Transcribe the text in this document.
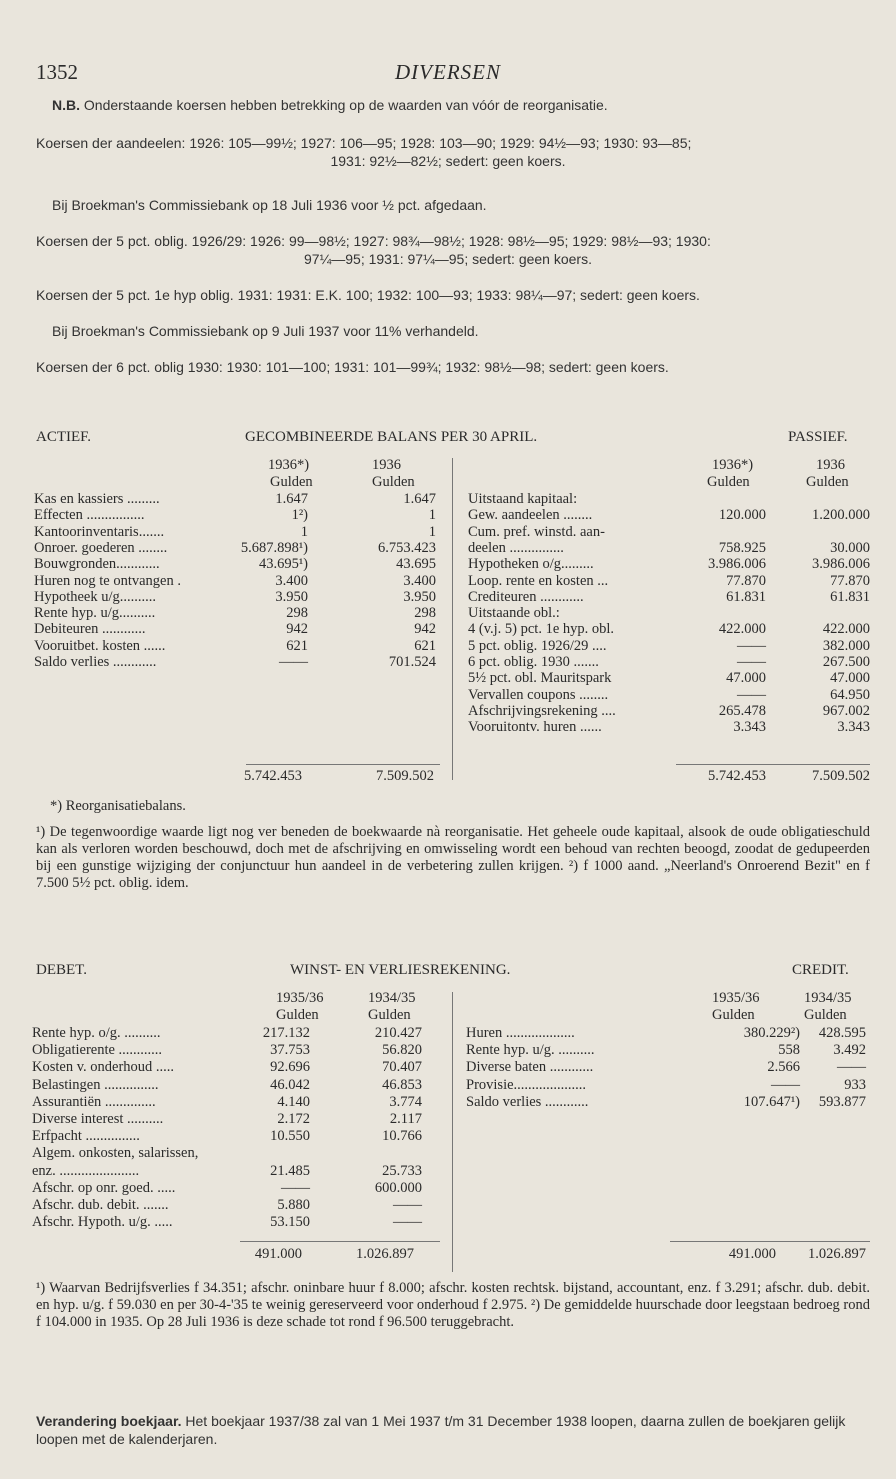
1352	DIVERSEN
N.B. Onderstaande koersen hebben betrekking op de waarden van vóór de reorganisatie.
Koersen der aandeelen: 1926: 105—99½; 1927: 106—95; 1928: 103—90; 1929: 94½—93; 1930: 93—85;
1931: 92½—82½; sedert: geen koers.
Bij Broekman's Commissiebank op 18 Juli 1936 voor ½ pct. afgedaan.
Koersen der 5 pct. oblig. 1926/29: 1926: 99—98½; 1927: 98¾—98½; 1928: 98½—95; 1929: 98½—93; 1930:
97¼—95; 1931: 97¼—95; sedert: geen koers.
Koersen der 5 pct. 1e hyp oblig. 1931: 1931: E.K. 100; 1932: 100—93; 1933: 98¼—97; sedert: geen koers.
Bij Broekman's Commissiebank op 9 Juli 1937 voor 11% verhandeld.
Koersen der 6 pct. oblig 1930: 1930: 101—100; 1931: 101—99¾; 1932: 98½—98; sedert: geen koers.
ACTIEF.	GECOMBINEERDE BALANS PER 30 APRIL.	PASSIEF.
1936*)	1936
Gulden	Gulden
1936*)	1936
Gulden	Gulden
Kas en kassiers .........	1.647	1.647
Effecten ................	1²)	1
Kantoorinventaris.......	1	1
Onroer. goederen ........	5.687.898¹)	6.753.423
Bouwgronden............	43.695¹)	43.695
Huren nog te ontvangen .	3.400	3.400
Hypotheek u/g..........	3.950	3.950
Rente hyp. u/g..........	298	298
Debiteuren ............	942	942
Vooruitbet. kosten ......	621	621
Saldo verlies ............	——	701.524
Uitstaand kapitaal:
Gew. aandeelen ........	120.000	1.200.000
Cum. pref. winstd. aan-
deelen ...............	758.925	30.000
Hypotheken o/g.........	3.986.006	3.986.006
Loop. rente en kosten ...	77.870	77.870
Crediteuren ............	61.831	61.831
Uitstaande obl.:
4 (v.j. 5) pct. 1e hyp. obl.	422.000	422.000
5 pct. oblig. 1926/29 ....	——	382.000
6 pct. oblig. 1930 .......	——	267.500
5½ pct. obl. Mauritspark	47.000	47.000
Vervallen coupons ........	——	64.950
Afschrijvingsrekening ....	265.478	967.002
Vooruitontv. huren ......	3.343	3.343
5.742.453	7.509.502	5.742.453	7.509.502
*) Reorganisatiebalans.
¹) De tegenwoordige waarde ligt nog ver beneden de boekwaarde nà reorganisatie. Het geheele oude kapitaal, alsook de oude obligatieschuld kan als verloren worden beschouwd, doch met de afschrijving en omwisseling wordt een behoud van rechten beoogd, zoodat de gedupeerden bij een gunstige wijziging der conjunctuur hun aandeel in de verbetering zullen krijgen. ²) f 1000 aand. „Neerland's Onroerend Bezit" en f 7.500 5½ pct. oblig. idem.
DEBET.	WINST- EN VERLIESREKENING.	CREDIT.
1935/36	1934/35
Gulden	Gulden
1935/36	1934/35
Gulden	Gulden
Rente hyp. o/g. ..........	217.132	210.427
Obligatierente ............	37.753	56.820
Kosten v. onderhoud .....	92.696	70.407
Belastingen ...............	46.042	46.853
Assurantiën ..............	4.140	3.774
Diverse interest ..........	2.172	2.117
Erfpacht ...............	10.550	10.766
Algem. onkosten, salarissen,
enz. ......................	21.485	25.733
Afschr. op onr. goed. .....	——	600.000
Afschr. dub. debit. .......	5.880	——
Afschr. Hypoth. u/g. .....	53.150	——
Huren ...................	380.229²) 428.595
Rente hyp. u/g. ..........	558 3.492
Diverse baten ............	2.566	——
Provisie....................	——	933
Saldo verlies ............	107.647¹) 593.877
491.000	1.026.897	491.000 1.026.897
¹) Waarvan Bedrijfsverlies f 34.351; afschr. oninbare huur f 8.000; afschr. kosten rechtsk. bijstand, accountant, enz. f 3.291; afschr. dub. debit. en hyp. u/g. f 59.030 en per 30-4-'35 te weinig gereserveerd voor onderhoud f 2.975. ²) De gemiddelde huurschade door leegstaan bedroeg rond f 104.000 in 1935. Op 28 Juli 1936 is deze schade tot rond f 96.500 teruggebracht.
Verandering boekjaar. Het boekjaar 1937/38 zal van 1 Mei 1937 t/m 31 December 1938 loopen, daarna zullen de boekjaren gelijk loopen met de kalenderjaren.
